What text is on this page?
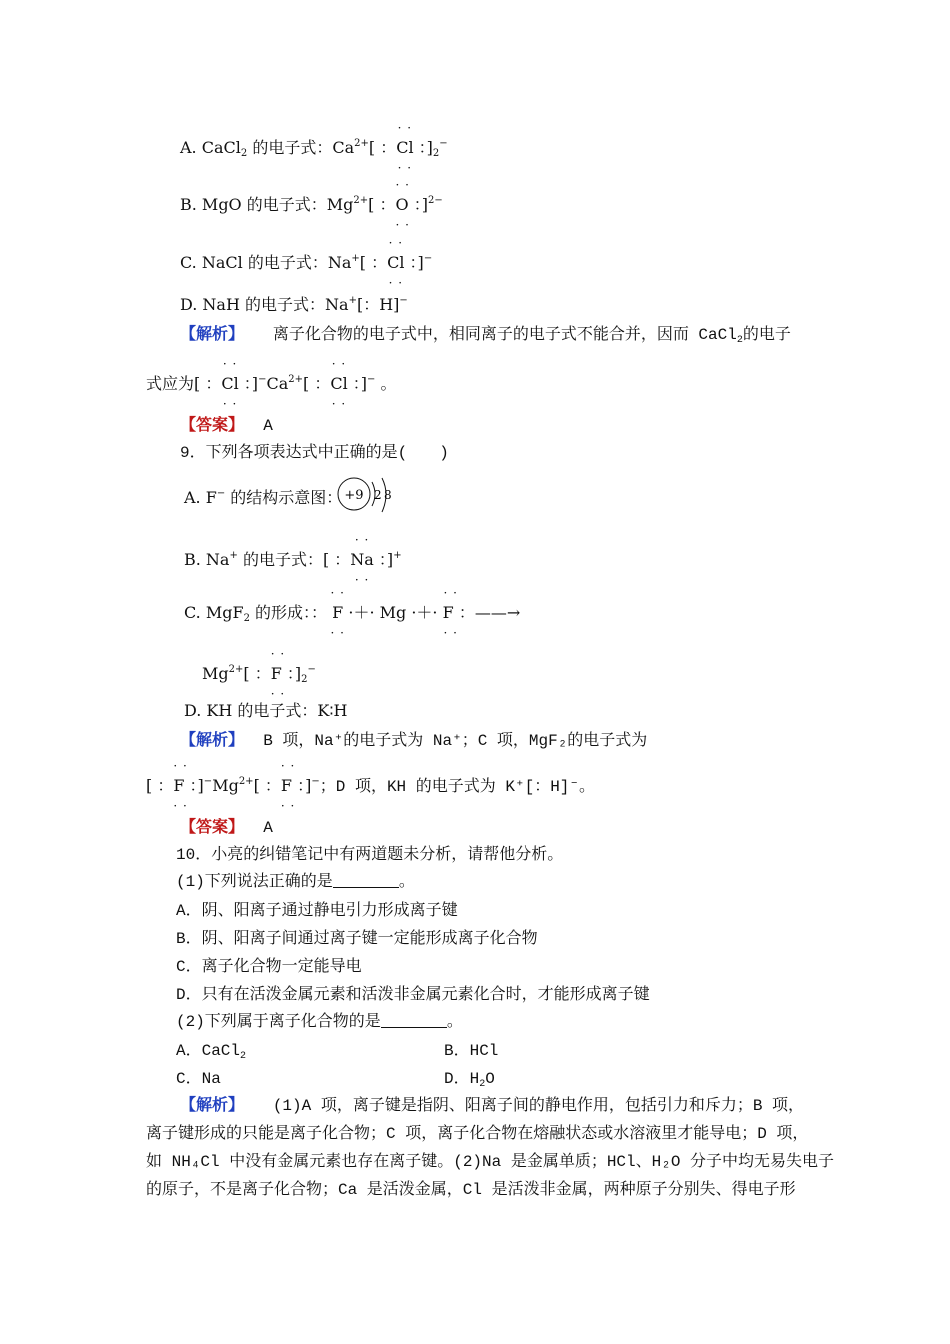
A. CaCl$_2$ 的电子式：$Ca^{2+}$[ ：
· ·
Cl
· ·
：]$_2^-$
B. MgO 的电子式：$Mg^{2+}$[ ：
· ·
O
· ·
：]$^{2-}$
C. NaCl 的电子式：Na+[ ：
· ·
Cl
· ·
：]−
D. NaH 的电子式：Na+[：H]−
【解析】 离子化合物的电子式中，相同离子的电子式不能合并，因而 CaCl$_2$的电子
式应为[ ：
· ·
Cl
· ·
：]$^-Ca^{2+}$[ ：
· ·
Cl
· ·
：]− 。
【答案】 A
9．下列各项表达式中正确的是(　　)
A. F− 的结构示意图： +9 2 8
B. Na+ 的电子式：[ ：
· ·
Na
· ·
：]+
C. MgF$_2$ 的形成：：
· ·
F
· ·
·＋· Mg ·＋·
· ·
F
· ·
：——→
$Mg^{2+}$[ ：
· ·
F
· ·
：]$_2^-$
D. KH 的电子式：K∶H
【解析】 B 项，Na⁺的电子式为 Na⁺；C 项，MgF₂的电子式为
[ ：
· ·
F
· ·
：]$^-Mg^{2+}$[ ：
· ·
F
· ·
：]−；D 项，KH 的电子式为 K⁺[：H]⁻。
【答案】 A
10．小亮的纠错笔记中有两道题未分析，请帮他分析。
(1)下列说法正确的是	。
A．阴、阳离子通过静电引力形成离子键
B．阴、阳离子间通过离子键一定能形成离子化合物
C．离子化合物一定能导电
D．只有在活泼金属元素和活泼非金属元素化合时，才能形成离子键
(2)下列属于离子化合物的是	。
A．CaCl$_2$	B．HCl
C．Na	D．$H_2O$
【解析】 (1)A 项，离子键是指阴、阳离子间的静电作用，包括引力和斥力；B 项，
离子键形成的只能是离子化合物；C 项，离子化合物在熔融状态或水溶液里才能导电；D 项，
如 NH₄Cl 中没有金属元素也存在离子键。(2)Na 是金属单质；HCl、H₂O 分子中均无易失电子
的原子，不是离子化合物；Ca 是活泼金属，Cl 是活泼非金属，两种原子分别失、得电子形
